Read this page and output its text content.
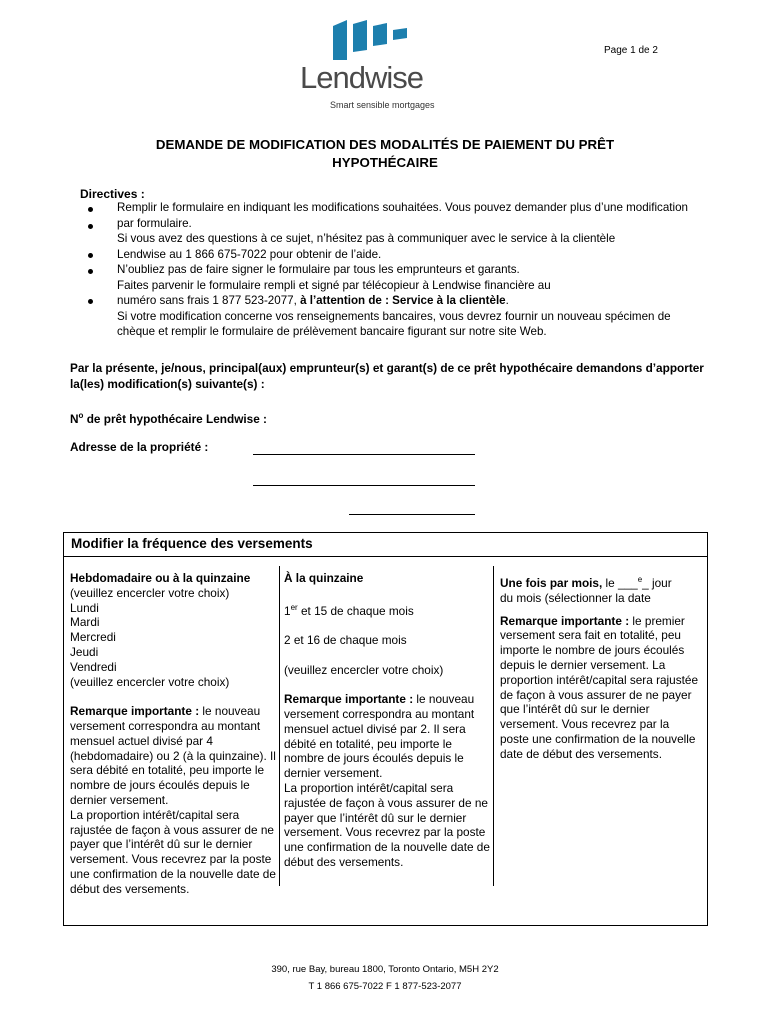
Page 1 de 2
Lendwise
Smart sensible mortgages
DEMANDE DE MODIFICATION DES MODALITÉS DE PAIEMENT DU PRÊT
HYPOTHÉCAIRE
Directives :

Remplir le formulaire en indiquant les modifications souhaitées. Vous pouvez demander plus d’une modification par formulaire.

Si vous avez des questions à ce sujet, n’hésitez pas à communiquer avec le service à la clientèle

Lendwise au 1 866 675-7022 pour obtenir de l’aide.

N’oubliez pas de faire signer le formulaire par tous les emprunteurs et garants.

Faites parvenir le formulaire rempli et signé par télécopieur à Lendwise financière au numéro sans frais 1 877 523-2077, à l’attention de : Service à la clientèle.

Si votre modification concerne vos renseignements bancaires, vous devrez fournir un nouveau spécimen de chèque et remplir le formulaire de prélèvement bancaire figurant sur notre site Web.

Par la présente, je/nous, principal(aux) emprunteur(s) et garant(s) de ce prêt hypothécaire demandons d’apporter la(les) modification(s) suivante(s) :
$N^o$ de prêt hypothécaire Lendwise :
Adresse de la propriété :
Modifier la fréquence des versements

Hebdomadaire ou à la quinzaine

(veuillez encercler votre choix)

Lundi

Mardi

Mercredi

Jeudi

Vendredi

(veuillez encercler votre choix)

Remarque importante : le nouveau versement correspondra au montant mensuel actuel divisé par 4 (hebdomadaire) ou 2 (à la quinzaine). Il sera débité en totalité, peu importe le nombre de jours écoulés depuis le dernier versement.

La proportion intérêt/capital sera rajustée de façon à vous assurer de ne payer que l’intérêt dû sur le dernier versement. Vous recevrez par la poste une confirmation de la nouvelle date de début des versements.

À la quinzaine

1er et 15 de chaque mois

2 et 16 de chaque mois

(veuillez encercler votre choix)

Remarque importante : le nouveau versement correspondra au montant mensuel actuel divisé par 2. Il sera débité en totalité, peu importe le nombre de jours écoulés depuis le dernier versement.

La proportion intérêt/capital sera rajustée de façon à vous assurer de ne payer que l’intérêt dû sur le dernier versement. Vous recevrez par la poste une confirmation de la nouvelle date de début des versements.

Une fois par mois, le ___$^e$_ jour

du mois (sélectionner la date

Remarque importante : le premier versement sera fait en totalité, peu importe le nombre de jours écoulés depuis le dernier versement. La proportion intérêt/capital sera rajustée de façon à vous assurer de ne payer que l’intérêt dû sur le dernier versement. Vous recevrez par la poste une confirmation de la nouvelle date de début des versements.

390, rue Bay, bureau 1800, Toronto Ontario, M5H 2Y2
T 1 866 675-7022 F 1 877-523-2077
